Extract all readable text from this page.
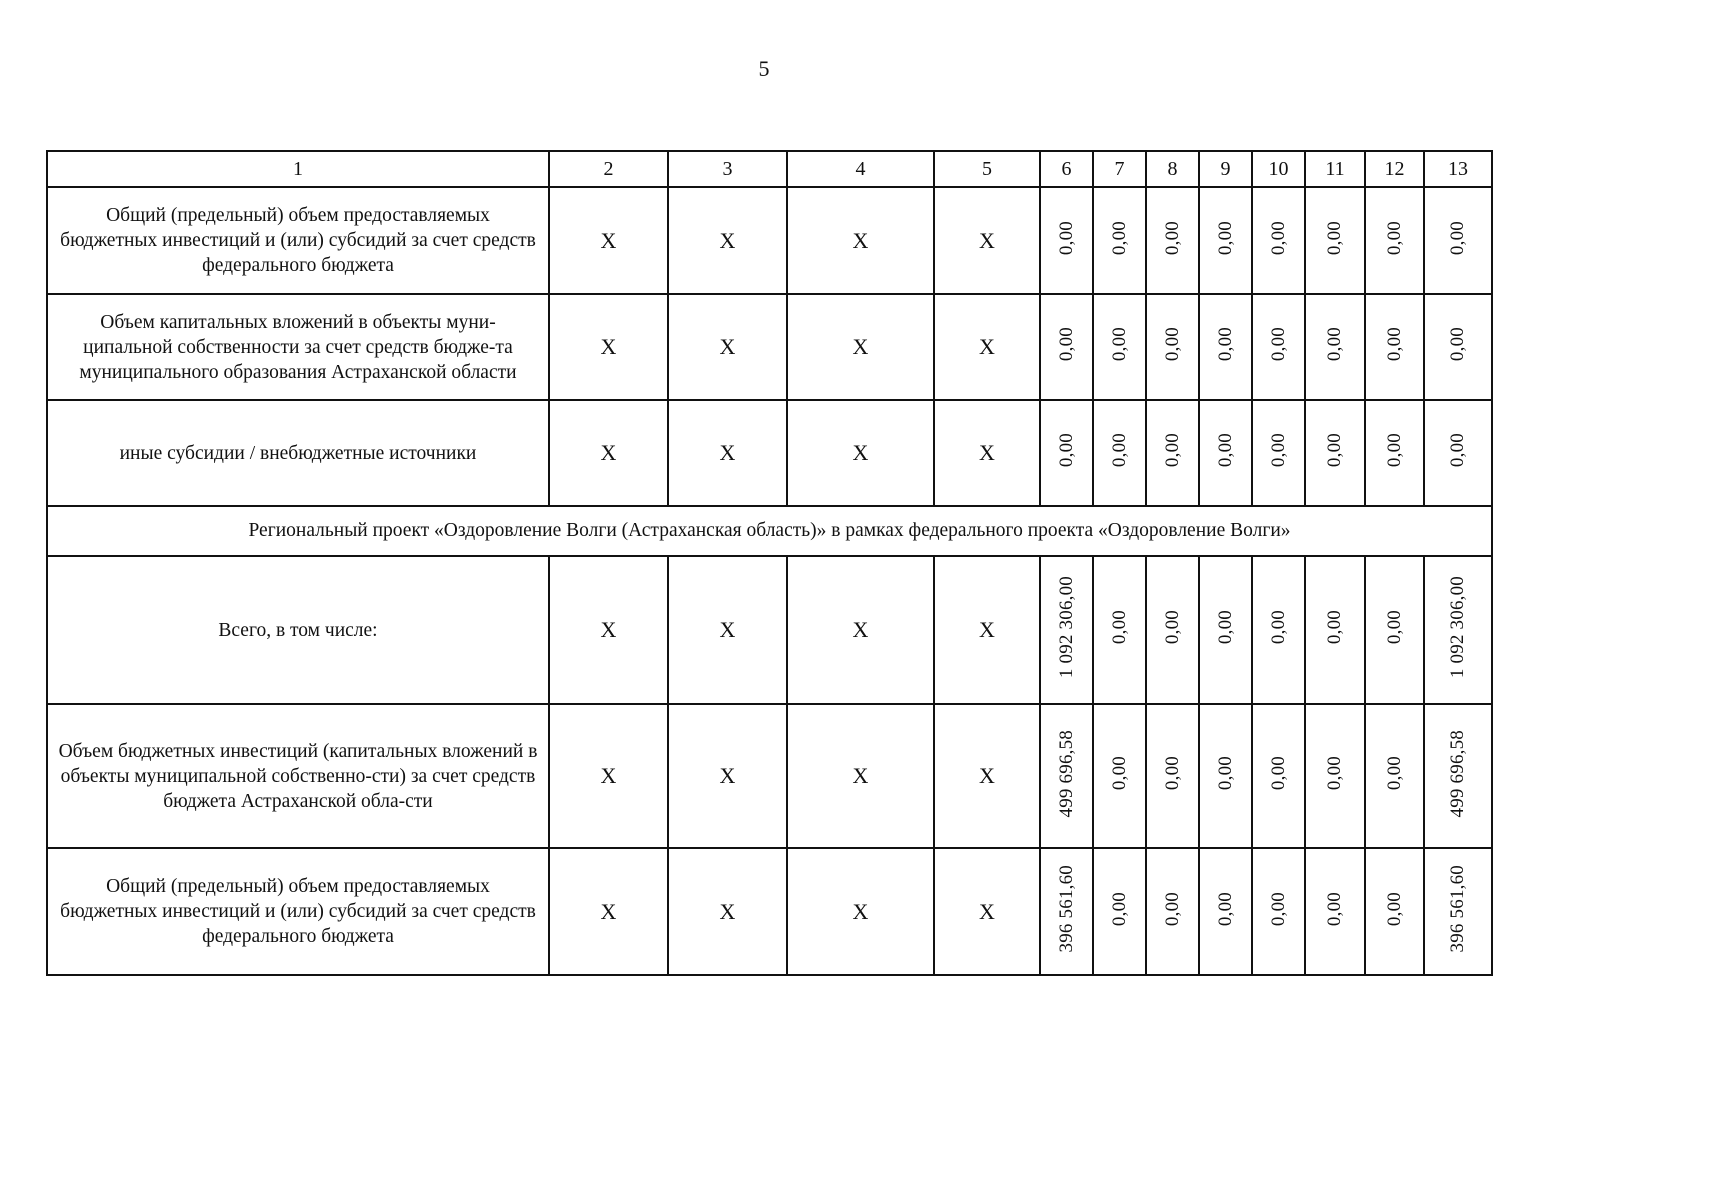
5
1	2	3	4	5	6	7	8	9	10	11	12	13
Общий (предельный) объем предоставляемых бюджетных инвестиций и (или) субсидий за счет средств федерального бюджета	X	X	X	X	0,00	0,00	0,00	0,00	0,00	0,00	0,00	0,00
Объем капитальных вложений в объекты муни-ципальной собственности за счет средств бюдже-та муниципального образования Астраханской области	X	X	X	X	0,00	0,00	0,00	0,00	0,00	0,00	0,00	0,00
иные субсидии / внебюджетные источники	X	X	X	X	0,00	0,00	0,00	0,00	0,00	0,00	0,00	0,00
Региональный проект «Оздоровление Волги (Астраханская область)» в рамках федерального проекта «Оздоровление Волги»												
Всего, в том числе:	X	X	X	X	1 092 306,00	0,00	0,00	0,00	0,00	0,00	0,00	1 092 306,00
Объем бюджетных инвестиций (капитальных вложений в объекты муниципальной собственно-сти) за счет средств бюджета Астраханской обла-сти	X	X	X	X	499 696,58	0,00	0,00	0,00	0,00	0,00	0,00	499 696,58
Общий (предельный) объем предоставляемых бюджетных инвестиций и (или) субсидий за счет средств федерального бюджета	X	X	X	X	396 561,60	0,00	0,00	0,00	0,00	0,00	0,00	396 561,60
